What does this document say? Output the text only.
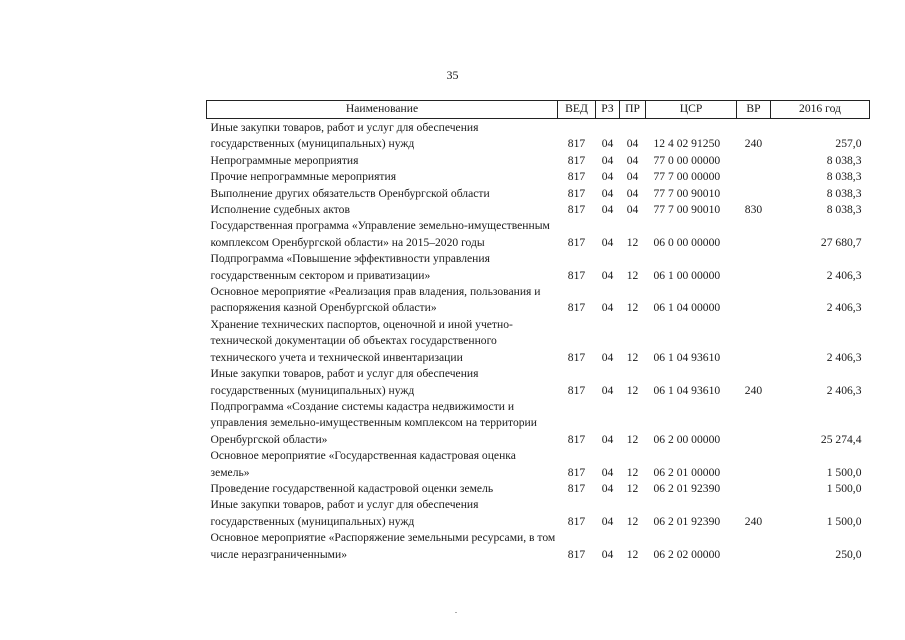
35
Наименование	ВЕД	РЗ	ПР	ЦСР	ВР	2016 год
Иные закупки товаров, работ и услуг для обеспечения государственных (муниципальных) нужд	817	04	04	12 4 02 91250	240	257,0
Непрограммные мероприятия	817	04	04	77 0 00 00000		8 038,3
Прочие непрограммные мероприятия	817	04	04	77 7 00 00000		8 038,3
Выполнение других обязательств Оренбургской области	817	04	04	77 7 00 90010		8 038,3
Исполнение судебных актов	817	04	04	77 7 00 90010	830	8 038,3
Государственная программа «Управление земельно-имущественным комплексом Оренбургской области» на 2015–2020 годы	817	04	12	06 0 00 00000		27 680,7
Подпрограмма «Повышение эффективности управления государственным сектором и приватизации»	817	04	12	06 1 00 00000		2 406,3
Основное мероприятие «Реализация прав владения, пользования и распоряжения казной Оренбургской области»	817	04	12	06 1 04 00000		2 406,3
Хранение технических паспортов, оценочной и иной учетно-технической документации об объектах государственного технического учета и технической инвентаризации	817	04	12	06 1 04 93610		2 406,3
Иные закупки товаров, работ и услуг для обеспечения государственных (муниципальных) нужд	817	04	12	06 1 04 93610	240	2 406,3
Подпрограмма «Создание системы кадастра недвижимости и управления земельно-имущественным комплексом на территории Оренбургской области»	817	04	12	06 2 00 00000		25 274,4
Основное мероприятие «Государственная кадастровая оценка земель»	817	04	12	06 2 01 00000		1 500,0
Проведение государственной кадастровой оценки земель	817	04	12	06 2 01 92390		1 500,0
Иные закупки товаров, работ и услуг для обеспечения государственных (муниципальных) нужд	817	04	12	06 2 01 92390	240	1 500,0
Основное мероприятие «Распоряжение земельными ресурсами, в том числе неразграниченными»	817	04	12	06 2 02 00000		250,0
